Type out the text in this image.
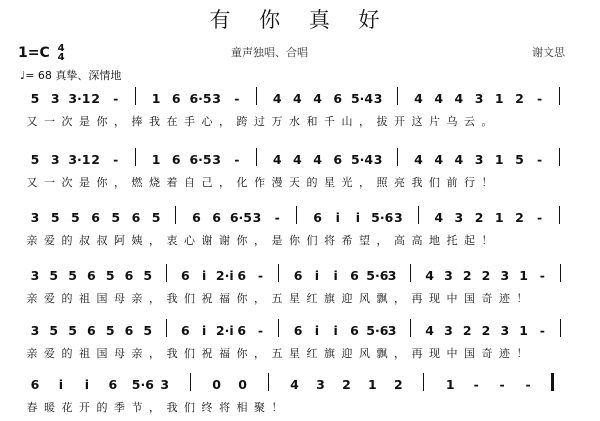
有 你 真 好
1=C 4
4	童声独唱、合唱	谢文思
♩= 68 真挚、深情地
5 3 3·1 2	-	1 6 6·5 3	-	4 4 4 6 5·4 3	4 4 4 3 1 2	-
又 一 次 是 你 ， 捧 我 在 手 心 ， 跨 过 万 水 和 千 山 ， 拔 开 这 片 乌 云 。
5 3 3·1 2	-	1 6 6·5 3	-	4 4 4 6 5·4 3	4 4 4 3 1 5	-
又 一 次 是 你 ， 燃 烧 着 自 己 ， 化 作 漫 天 的 星 光 ， 照 亮 我 们 前 行 ！
3 5 5 6 5 6 5	6 6 6·5 3	-	6	i	i 5·6 3	4 3 2 1 2	-
亲 爱 的 叔 叔 阿 姨 ， 衷 心 谢 谢 你 ， 是 你 们 将 希 望 ， 高 高 地 托 起 ！
3 5 5 6 5 6 5 6 i 2·i 6 -	6 i	i 6 5·6 3 4 3 2 2 3 1 -
亲 爱 的 祖 国 母 亲 ， 我 们 祝 福 你 ， 五 星 红 旗 迎 风 飘 ， 再 现 中 国 奇 迹 ！
3 5 5 6 5 6 5 6 i 2·i 6 -	6 i	i 6 5·6 3 4 3 2 2 3 1 -
亲 爱 的 祖 国 母 亲 ， 我 们 祝 福 你 ， 五 星 红 旗 迎 风 飘 ， 再 现 中 国 奇 迹 ！
6	i	i	6 5·6 3	0 0	4 3 2 1 2	1	-	-	-
春 暖 花 开 的 季 节 ， 我 们 终 将 相 聚 ！
